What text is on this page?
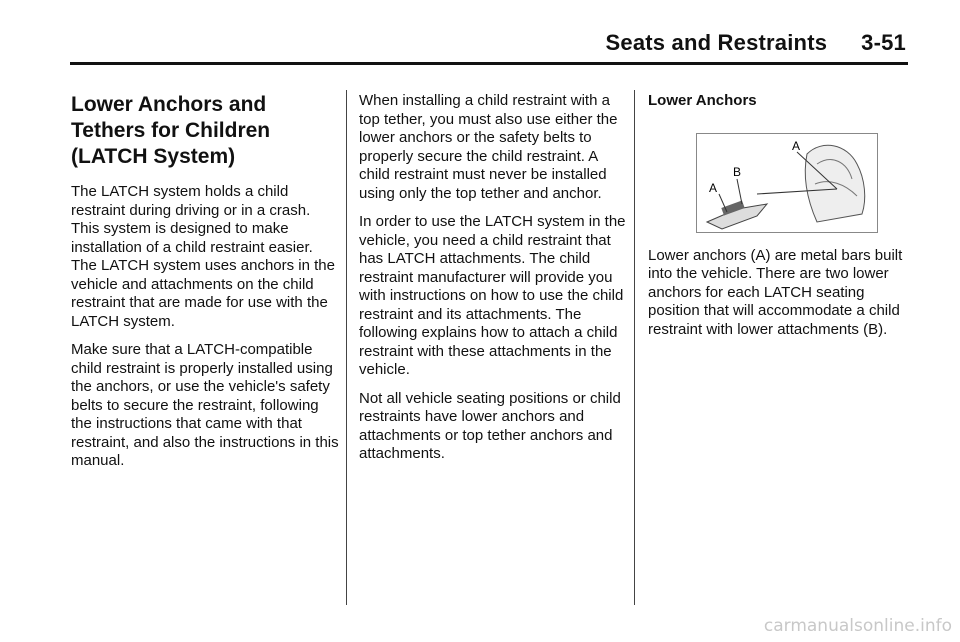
Seats and Restraints 3-51
Lower Anchors and Tethers for Children (LATCH System)

The LATCH system holds a child restraint during driving or in a crash. This system is designed to make installation of a child restraint easier. The LATCH system uses anchors in the vehicle and attachments on the child restraint that are made for use with the LATCH system.

Make sure that a LATCH-compatible child restraint is properly installed using the anchors, or use the vehicle's safety belts to secure the restraint, following the instructions that came with that restraint, and also the instructions in this manual.

When installing a child restraint with a top tether, you must also use either the lower anchors or the safety belts to properly secure the child restraint. A child restraint must never be installed using only the top tether and anchor.

In order to use the LATCH system in the vehicle, you need a child restraint that has LATCH attachments. The child restraint manufacturer will provide you with instructions on how to use the child restraint and its attachments. The following explains how to attach a child restraint with these attachments in the vehicle.

Not all vehicle seating positions or child restraints have lower anchors and attachments or top tether anchors and attachments.

Lower Anchors
A
B
A

Lower anchors (A) are metal bars built into the vehicle. There are two lower anchors for each LATCH seating position that will accommodate a child restraint with lower attachments (B).

carmanualsonline.info
